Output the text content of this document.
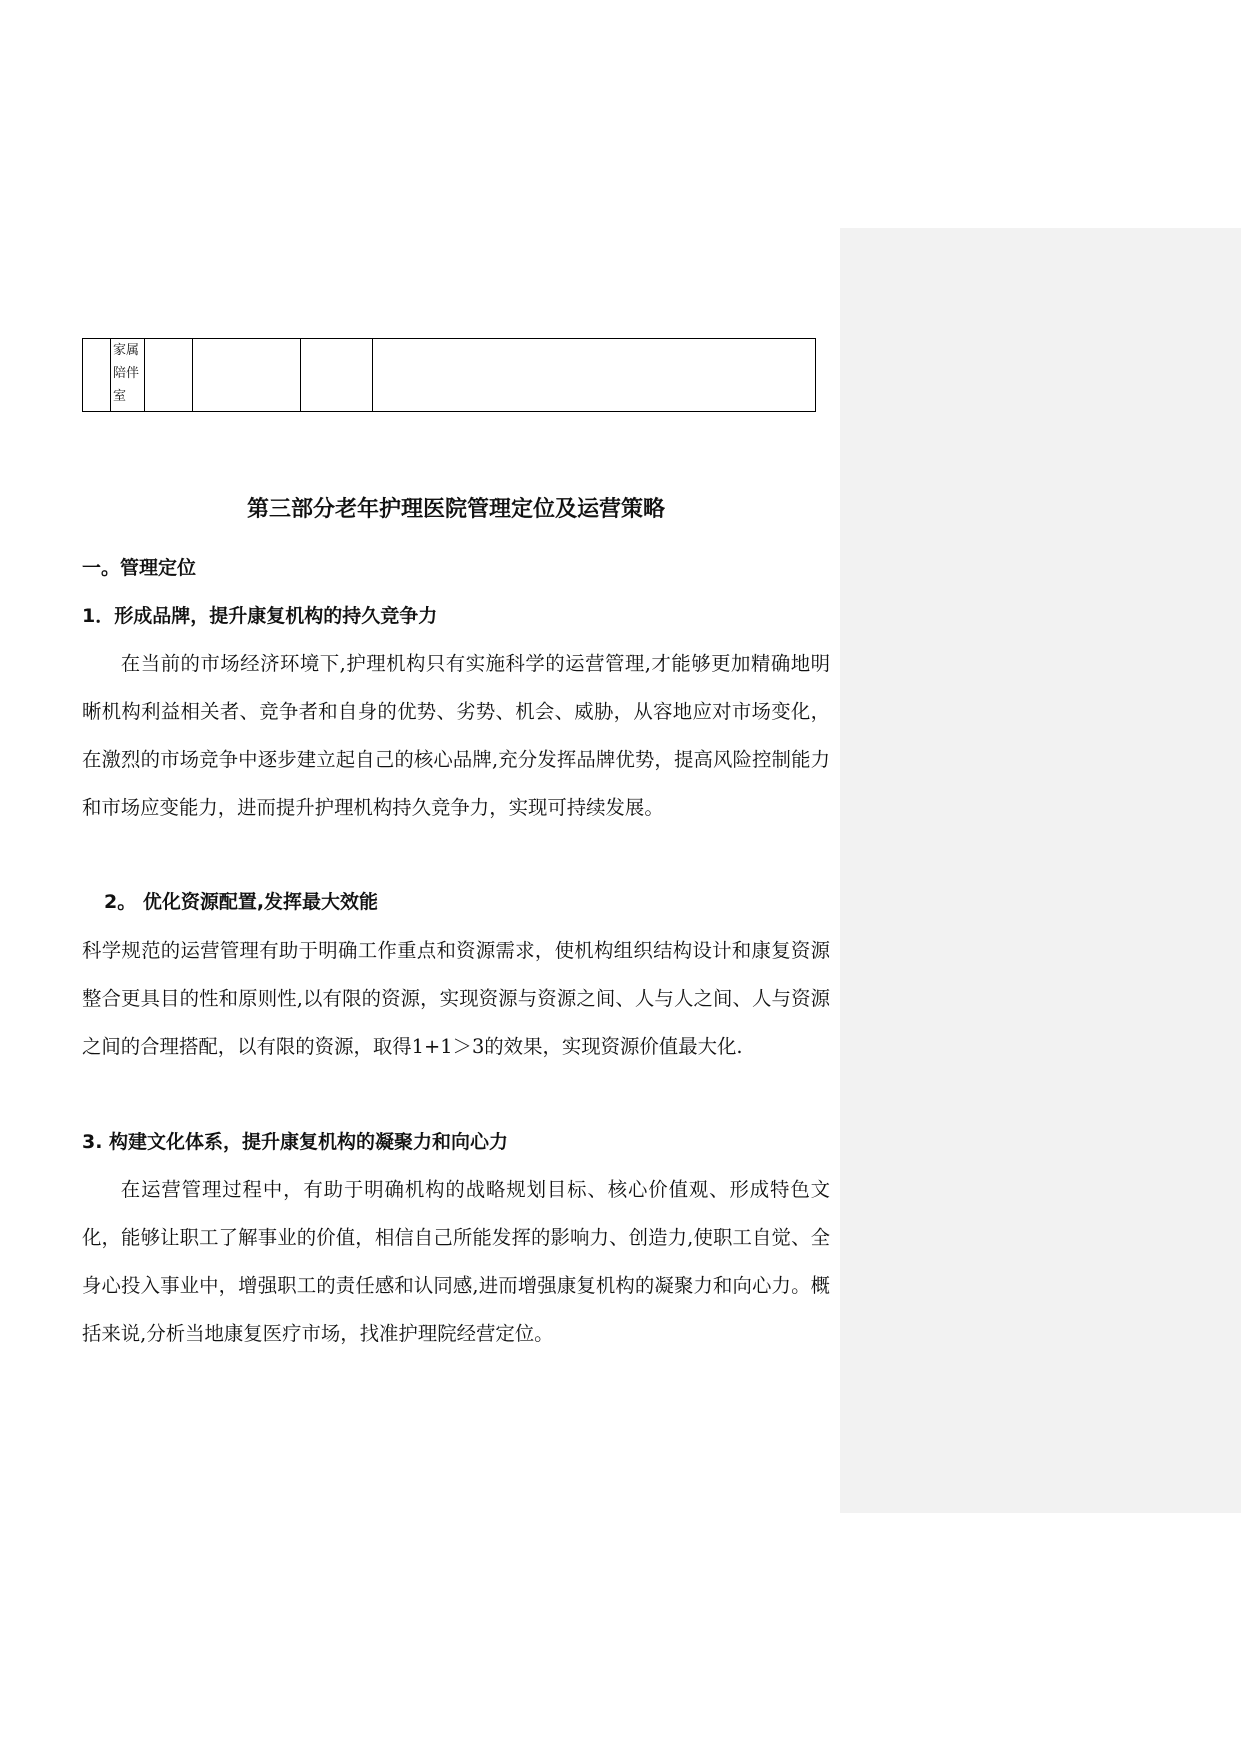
家属陪伴室

第三部分老年护理医院管理定位及运营策略
一。管理定位
1．形成品牌，提升康复机构的持久竞争力

在当前的市场经济环境下,护理机构只有实施科学的运营管理,才能够更加精确地明晰机构利益相关者、竞争者和自身的优势、劣势、机会、威胁，从容地应对市场变化，在激烈的市场竞争中逐步建立起自己的核心品牌,充分发挥品牌优势，提高风险控制能力和市场应变能力，进而提升护理机构持久竞争力，实现可持续发展。

2。 优化资源配置,发挥最大效能

科学规范的运营管理有助于明确工作重点和资源需求，使机构组织结构设计和康复资源整合更具目的性和原则性,以有限的资源，实现资源与资源之间、人与人之间、人与资源之间的合理搭配，以有限的资源，取得1+1＞3的效果，实现资源价值最大化.

3. 构建文化体系，提升康复机构的凝聚力和向心力

在运营管理过程中，有助于明确机构的战略规划目标、核心价值观、形成特色文化，能够让职工了解事业的价值，相信自己所能发挥的影响力、创造力,使职工自觉、全身心投入事业中，增强职工的责任感和认同感,进而增强康复机构的凝聚力和向心力。概括来说,分析当地康复医疗市场，找准护理院经营定位。
